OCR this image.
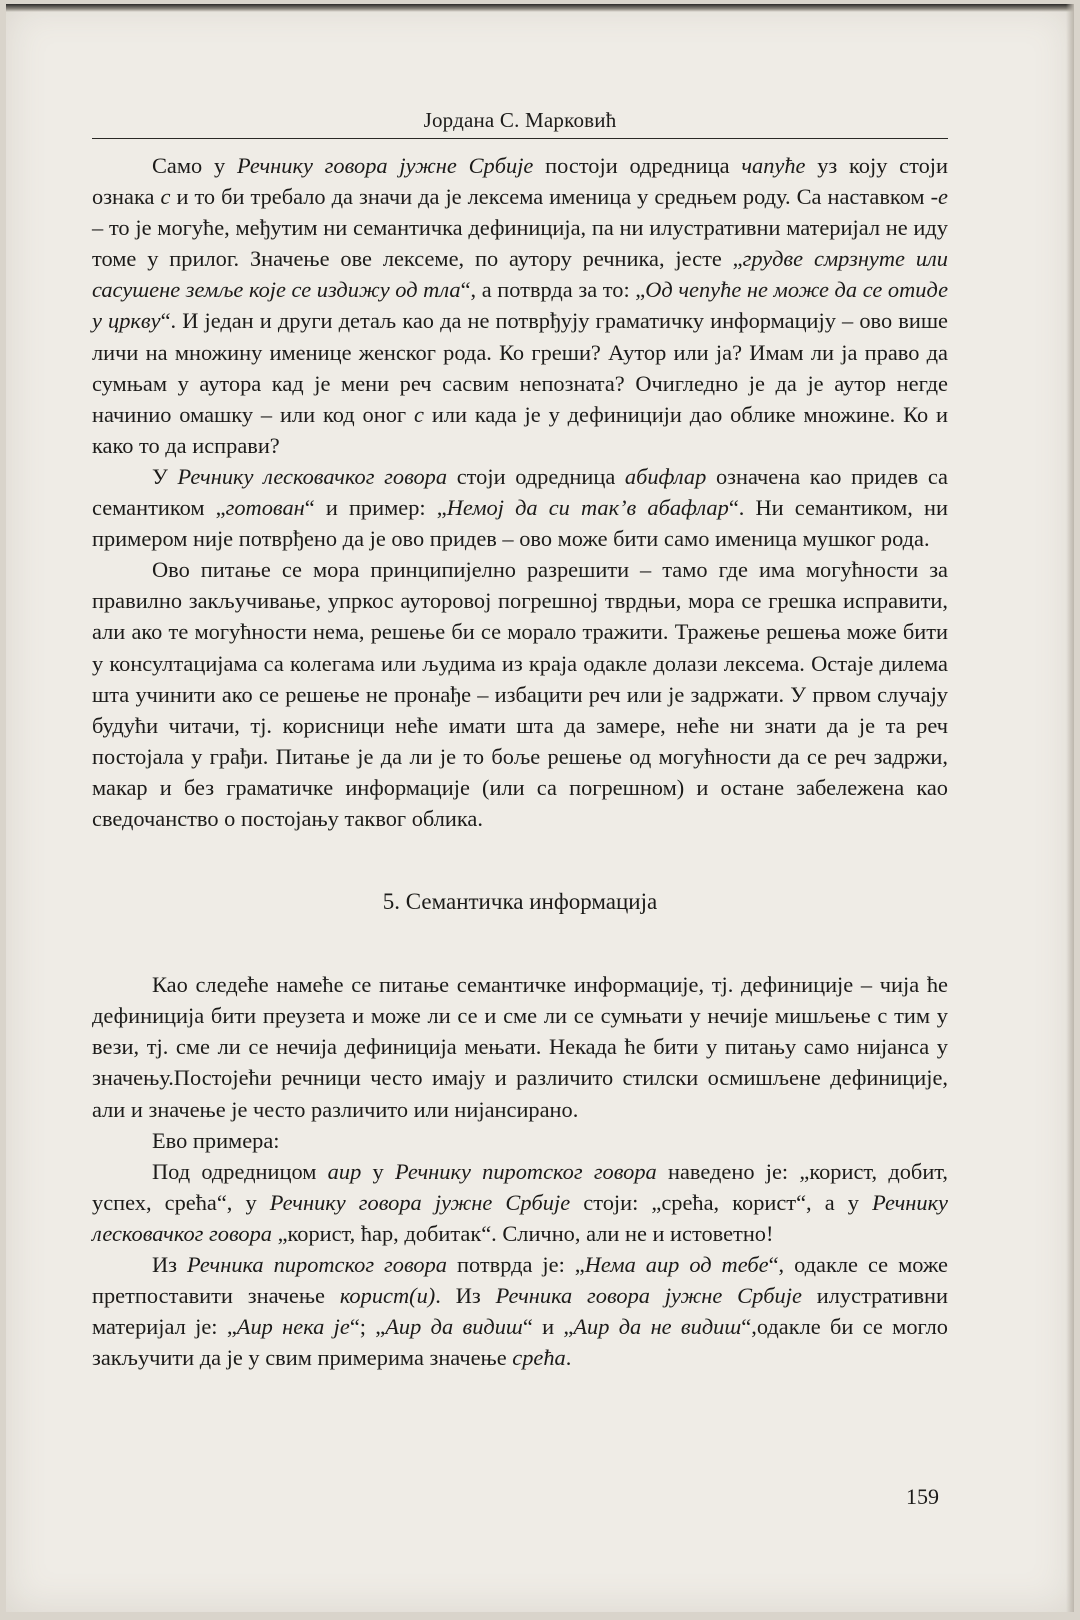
Јордана С. Марковић

Само у Речнику говора јужне Србије постоји одредница чапуће уз коју стоји ознака с и то би требало да значи да је лексема именица у средњем роду. Са наставком -е – то је могуће, међутим ни семантичка дефиниција, па ни илустративни материјал не иду томе у прилог. Значење ове лексеме, по аутору речника, јесте „грудве смрзнуте или сасушене земље које се издижу од тла“, а потврда за то: „Од чепуће не може да се отиде у цркву“. И један и други детаљ као да не потврђују граматичку информацију – ово више личи на множину именице женског рода. Ко греши? Аутор или ја? Имам ли ја право да сумњам у аутора кад је мени реч сасвим непозната? Очигледно је да је аутор негде начинио омашку – или код оног с или када је у дефиницији дао облике множине. Ко и како то да исправи?

У Речнику лесковачког говора стоји одредница абифлар означена као придев са семантиком „готован“ и пример: „Немој да си так’в абафлар“. Ни семантиком, ни примером није потврђено да је ово придев – ово може бити само именица мушког рода.

Ово питање се мора принципијелно разрешити – тамо где има могућности за правилно закључивање, упркос ауторовој погрешној тврдњи, мора се грешка исправити, али ако те могућности нема, решење би се морало тражити. Тражење решења може бити у консултацијама са колегама или људима из краја одакле долази лексема. Остаје дилема шта учинити ако се решење не пронађе – избацити реч или је задржати. У првом случају будући читачи, тј. корисници неће имати шта да замере, неће ни знати да је та реч постојала у грађи. Питање је да ли је то боље решење од могућности да се реч задржи, макар и без граматичке информације (или са погрешном) и остане забележена као сведочанство о постојању таквог облика.

5. Семантичка информација

Као следеће намеће се питање семантичке информације, тј. дефиниције – чија ће дефиниција бити преузета и може ли се и сме ли се сумњати у нечије мишљење с тим у вези, тј. сме ли се нечија дефиниција мењати. Некада ће бити у питању само нијанса у значењу.Постојећи речници често имају и различито стилски осмишљене дефиниције, али и значење је често различито или нијансирано.

Ево примера:

Под одредницом аир у Речнику пиротског говора наведено је: „корист, добит, успех, срећа“, у Речнику говора јужне Србије стоји: „срећа, корист“, а у Речнику лесковачког говора „корист, ћар, добитак“. Слично, али не и истоветно!

Из Речника пиротског говора потврда је: „Нема аир од тебе“, одакле се може претпоставити значење корист(и). Из Речника говора јужне Србије илустративни материјал је: „Аир нека је“; „Аир да видиш“ и „Аир да не видиш“,одакле би се могло закључити да је у свим примерима значење срећа.

159
